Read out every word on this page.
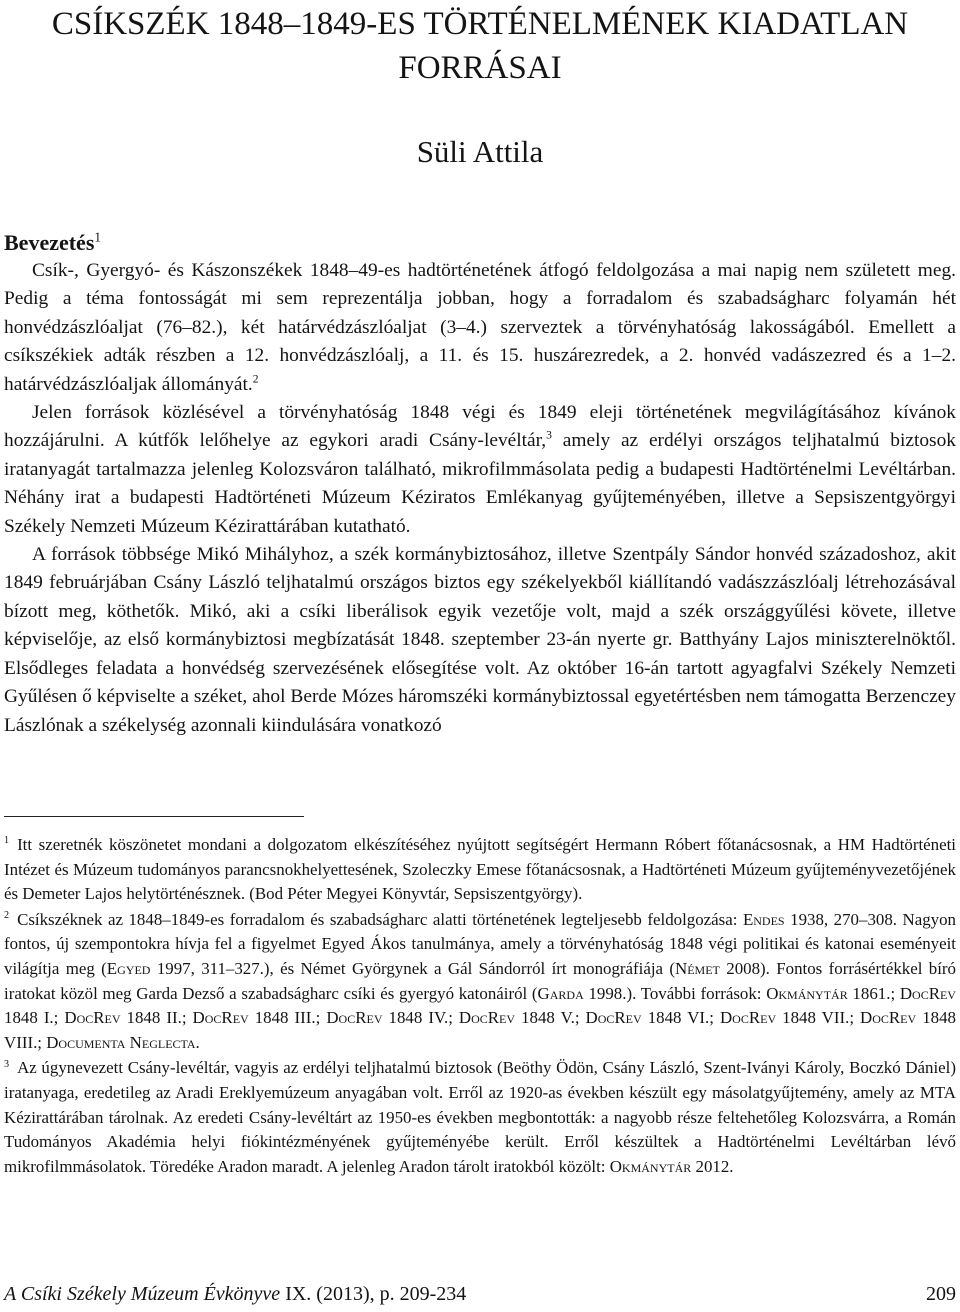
CSÍKSZÉK 1848–1849-ES TÖRTÉNELMÉNEK KIADATLAN FORRÁSAI
Süli Attila
Bevezetés$^1$

Csík-, Gyergyó- és Kászonszékek 1848–49-es hadtörténetének átfogó feldolgozása a mai napig nem született meg. Pedig a téma fontosságát mi sem reprezentálja jobban, hogy a forradalom és szabadságharc folyamán hét honvédzászlóaljat (76–82.), két határvédzászlóaljat (3–4.) szerveztek a törvényhatóság lakosságából. Emellett a csíkszékiek adták részben a 12. honvédzászlóalj, a 11. és 15. huszárezredek, a 2. honvéd vadászezred és a 1–2. határvédzászlóaljak állományát.$^2$

Jelen források közlésével a törvényhatóság 1848 végi és 1849 eleji történetének megvilágításához kívánok hozzájárulni. A kútfők lelőhelye az egykori aradi Csány-levéltár,$^3$ amely az erdélyi országos teljhatalmú biztosok iratanyagát tartalmazza jelenleg Kolozsváron található, mikrofilmmásolata pedig a budapesti Hadtörténelmi Levéltárban. Néhány irat a budapesti Hadtörténeti Múzeum Kéziratos Emlékanyag gyűjteményében, illetve a Sepsiszentgyörgyi Székely Nemzeti Múzeum Kézirattárában kutatható.

A források többsége Mikó Mihályhoz, a szék kormánybiztosához, illetve Szentpály Sándor honvéd századoshoz, akit 1849 februárjában Csány László teljhatalmú országos biztos egy székelyekből kiállítandó vadászzászlóalj létrehozásával bízott meg, köthetők. Mikó, aki a csíki liberálisok egyik vezetője volt, majd a szék országgyűlési követe, illetve képviselője, az első kormánybiztosi megbízatását 1848. szeptember 23-án nyerte gr. Batthyány Lajos miniszterelnöktől. Elsődleges feladata a honvédség szervezésének elősegítése volt. Az október 16-án tartott agyagfalvi Székely Nemzeti Gyűlésen ő képviselte a széket, ahol Berde Mózes háromszéki kormánybiztossal egyetértésben nem támogatta Berzenczey Lászlónak a székelység azonnali kiindulására vonatkozó

$^1$ Itt szeretnék köszönetet mondani a dolgozatom elkészítéséhez nyújtott segítségért Hermann Róbert főtanácsosnak, a HM Hadtörténeti Intézet és Múzeum tudományos parancsnokhelyettesének, Szoleczky Emese főtanácsosnak, a Hadtörténeti Múzeum gyűjteményvezetőjének és Demeter Lajos helytörténésznek. (Bod Péter Megyei Könyvtár, Sepsiszentgyörgy).

$^2$ Csíkszéknek az 1848–1849-es forradalom és szabadságharc alatti történetének legteljesebb feldolgozása: Endes 1938, 270–308. Nagyon fontos, új szempontokra hívja fel a figyelmet Egyed Ákos tanulmánya, amely a törvényhatóság 1848 végi politikai és katonai eseményeit világítja meg (Egyed 1997, 311–327.), és Német Györgynek a Gál Sándorról írt monográfiája (Német 2008). Fontos forrásértékkel bíró iratokat közöl meg Garda Dezső a szabadságharc csíki és gyergyó katonáiról (Garda 1998.). További források: Okmánytár 1861.; DocRev 1848 I.; DocRev 1848 II.; DocRev 1848 III.; DocRev 1848 IV.; DocRev 1848 V.; DocRev 1848 VI.; DocRev 1848 VII.; DocRev 1848 VIII.; Documenta Neglecta.

$^3$ Az úgynevezett Csány-levéltár, vagyis az erdélyi teljhatalmú biztosok (Beöthy Ödön, Csány László, Szent-Iványi Károly, Boczkó Dániel) iratanyaga, eredetileg az Aradi Ereklyemúzeum anyagában volt. Erről az 1920-as években készült egy másolatgyűjtemény, amely az MTA Kézirattárában tárolnak. Az eredeti Csány-levéltárt az 1950-es években megbontották: a nagyobb része feltehetőleg Kolozsvárra, a Román Tudományos Akadémia helyi fiókintézményének gyűjteményébe került. Erről készültek a Hadtörténelmi Levéltárban lévő mikrofilmmásolatok. Töredéke Aradon maradt. A jelenleg Aradon tárolt iratokból közölt: Okmánytár 2012.

A Csíki Székely Múzeum Évkönyve IX. (2013), p. 209-234	209
